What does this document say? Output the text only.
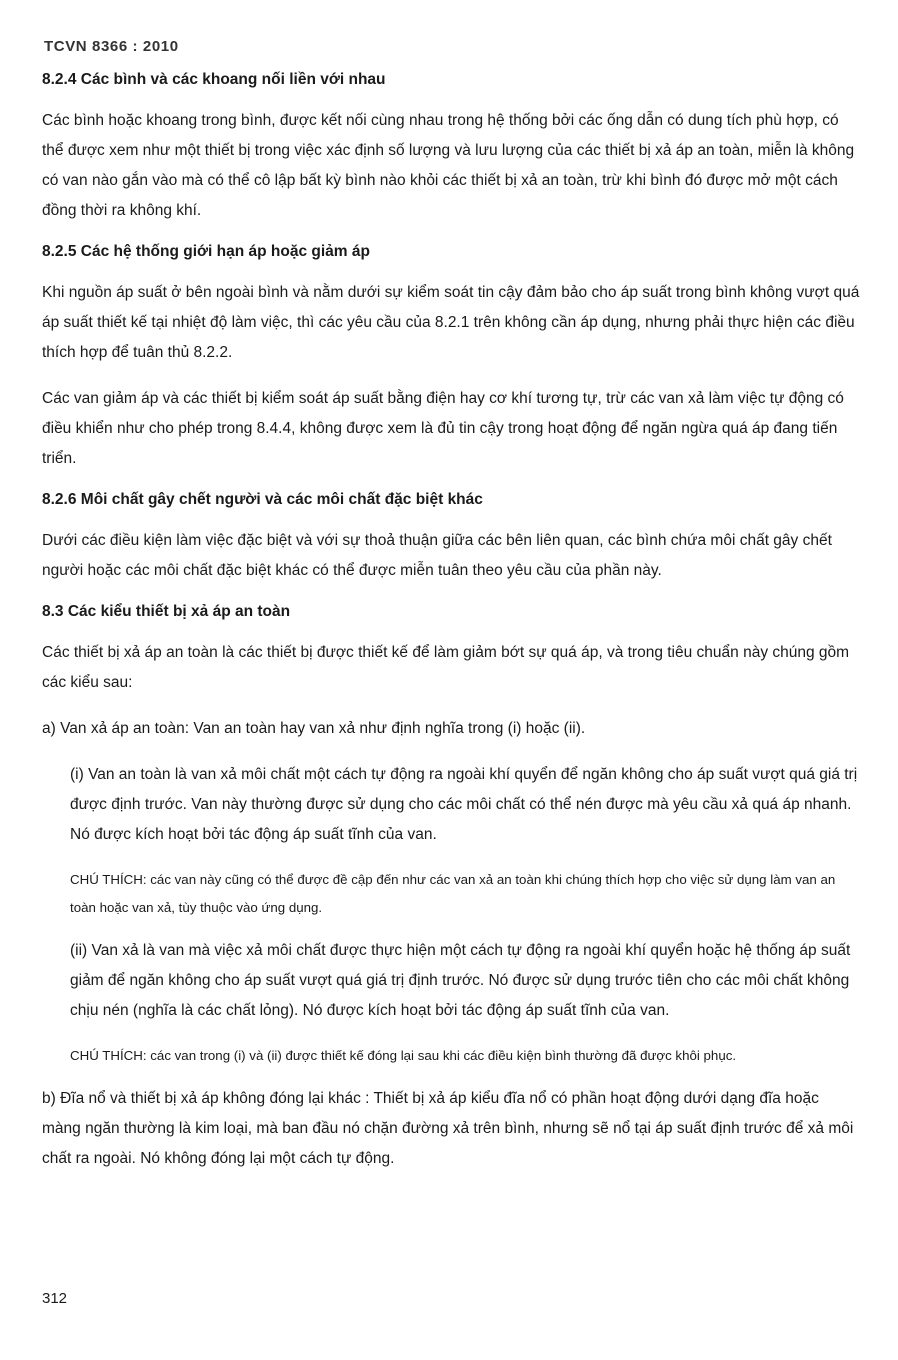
TCVN 8366 : 2010
8.2.4 Các bình và các khoang nối liền với nhau

Các bình hoặc khoang trong bình, được kết nối cùng nhau trong hệ thống bởi các ống dẫn có dung tích phù hợp, có thể được xem như một thiết bị trong việc xác định số lượng và lưu lượng của các thiết bị xả áp an toàn, miễn là không có van nào gắn vào mà có thể cô lập bất kỳ bình nào khỏi các thiết bị xả an toàn, trừ khi bình đó được mở một cách đồng thời ra không khí.

8.2.5 Các hệ thống giới hạn áp hoặc giảm áp

Khi nguồn áp suất ở bên ngoài bình và nằm dưới sự kiểm soát tin cậy đảm bảo cho áp suất trong bình không vượt quá áp suất thiết kế tại nhiệt độ làm việc, thì các yêu cầu của 8.2.1 trên không cần áp dụng, nhưng phải thực hiện các điều thích hợp để tuân thủ 8.2.2.

Các van giảm áp và các thiết bị kiểm soát áp suất bằng điện hay cơ khí tương tự, trừ các van xả làm việc tự động có điều khiển như cho phép trong 8.4.4, không được xem là đủ tin cậy trong hoạt động để ngăn ngừa quá áp đang tiến triển.

8.2.6 Môi chất gây chết người và các môi chất đặc biệt khác

Dưới các điều kiện làm việc đặc biệt và với sự thoả thuận giữa các bên liên quan, các bình chứa môi chất gây chết người hoặc các môi chất đặc biệt khác có thể được miễn tuân theo yêu cầu của phần này.

8.3 Các kiểu thiết bị xả áp an toàn

Các thiết bị xả áp an toàn là các thiết bị được thiết kế để làm giảm bớt sự quá áp, và trong tiêu chuẩn này chúng gồm các kiểu sau:

a) Van xả áp an toàn: Van an toàn hay van xả như định nghĩa trong (i) hoặc (ii).

(i) Van an toàn là van xả môi chất một cách tự động ra ngoài khí quyển để ngăn không cho áp suất vượt quá giá trị được định trước. Van này thường được sử dụng cho các môi chất có thể nén được mà yêu cầu xả quá áp nhanh. Nó được kích hoạt bởi tác động áp suất tĩnh của van.

CHÚ THÍCH: các van này cũng có thể được đề cập đến như các van xả an toàn khi chúng thích hợp cho việc sử dụng làm van an toàn hoặc van xả, tùy thuộc vào ứng dụng.

(ii) Van xả là van mà việc xả môi chất được thực hiện một cách tự động ra ngoài khí quyển hoặc hệ thống áp suất giảm để ngăn không cho áp suất vượt quá giá trị định trước. Nó được sử dụng trước tiên cho các môi chất không chịu nén (nghĩa là các chất lỏng). Nó được kích hoạt bởi tác động áp suất tĩnh của van.

CHÚ THÍCH: các van trong (i) và (ii) được thiết kế đóng lại sau khi các điều kiện bình thường đã được khôi phục.

b) Đĩa nổ và thiết bị xả áp không đóng lại khác : Thiết bị xả áp kiểu đĩa nổ có phần hoạt động dưới dạng đĩa hoặc màng ngăn thường là kim loại, mà ban đầu nó chặn đường xả trên bình, nhưng sẽ nổ tại áp suất định trước để xả môi chất ra ngoài. Nó không đóng lại một cách tự động.

312
